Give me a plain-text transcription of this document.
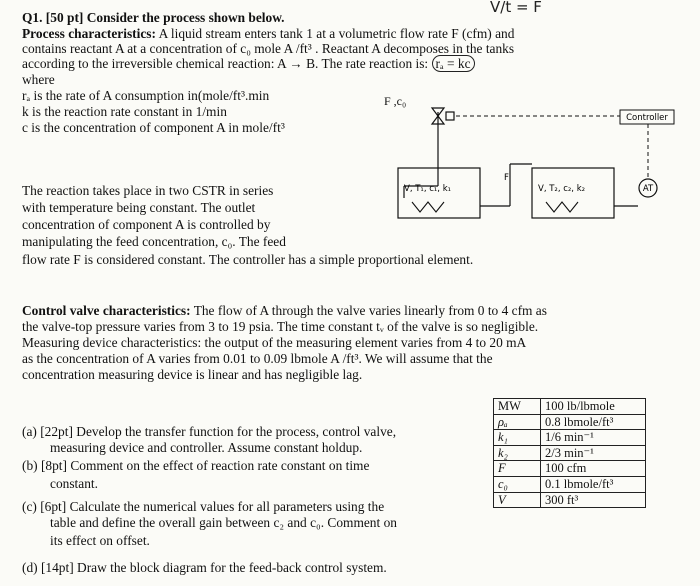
V/t = F
Q1. [50 pt] Consider the process shown below.
Process characteristics: A liquid stream enters tank 1 at a volumetric flow rate F (cfm) and
contains reactant A at a concentration of c₀ mole A /ft³ . Reactant A decomposes in the tanks
according to the irreversible chemical reaction: A → B. The rate reaction is: rₐ = kc
where
rₐ is the rate of A consumption in(mole/ft³.min
k is the reaction rate constant in 1/min
c is the concentration of component A in mole/ft³
The reaction takes place in two CSTR in series
with temperature being constant. The outlet
concentration of component A is controlled by
manipulating the feed concentration, c₀. The feed
flow rate F is considered constant. The controller has a simple proportional element.
Controller
V, T₁, c₁, k₁
F
V, T₂, c₂, k₂	AT
F ,c₀
Control valve characteristics: The flow of A through the valve varies linearly from 0 to 4 cfm as
the valve-top pressure varies from 3 to 19 psia. The time constant tᵥ of the valve is so negligible.
Measuring device characteristics: the output of the measuring element varies from 4 to 20 mA
as the concentration of A varies from 0.01 to 0.09 lbmole A /ft³. We will assume that the
concentration measuring device is linear and has negligible lag.
(a) [22pt] Develop the transfer function for the process, control valve,
measuring device and controller. Assume constant holdup.
(b) [8pt] Comment on the effect of reaction rate constant on time
constant.
(c) [6pt] Calculate the numerical values for all parameters using the
table and define the overall gain between c₂ and c₀. Comment on
its effect on offset.
(d) [14pt] Draw the block diagram for the feed-back control system.
MW	100 lb/lbmole
ρₐ	0.8 lbmole/ft³
k₁	1/6 min⁻¹
k₂	2/3 min⁻¹
F	100 cfm
c₀	0.1 lbmole/ft³
V	300 ft³
